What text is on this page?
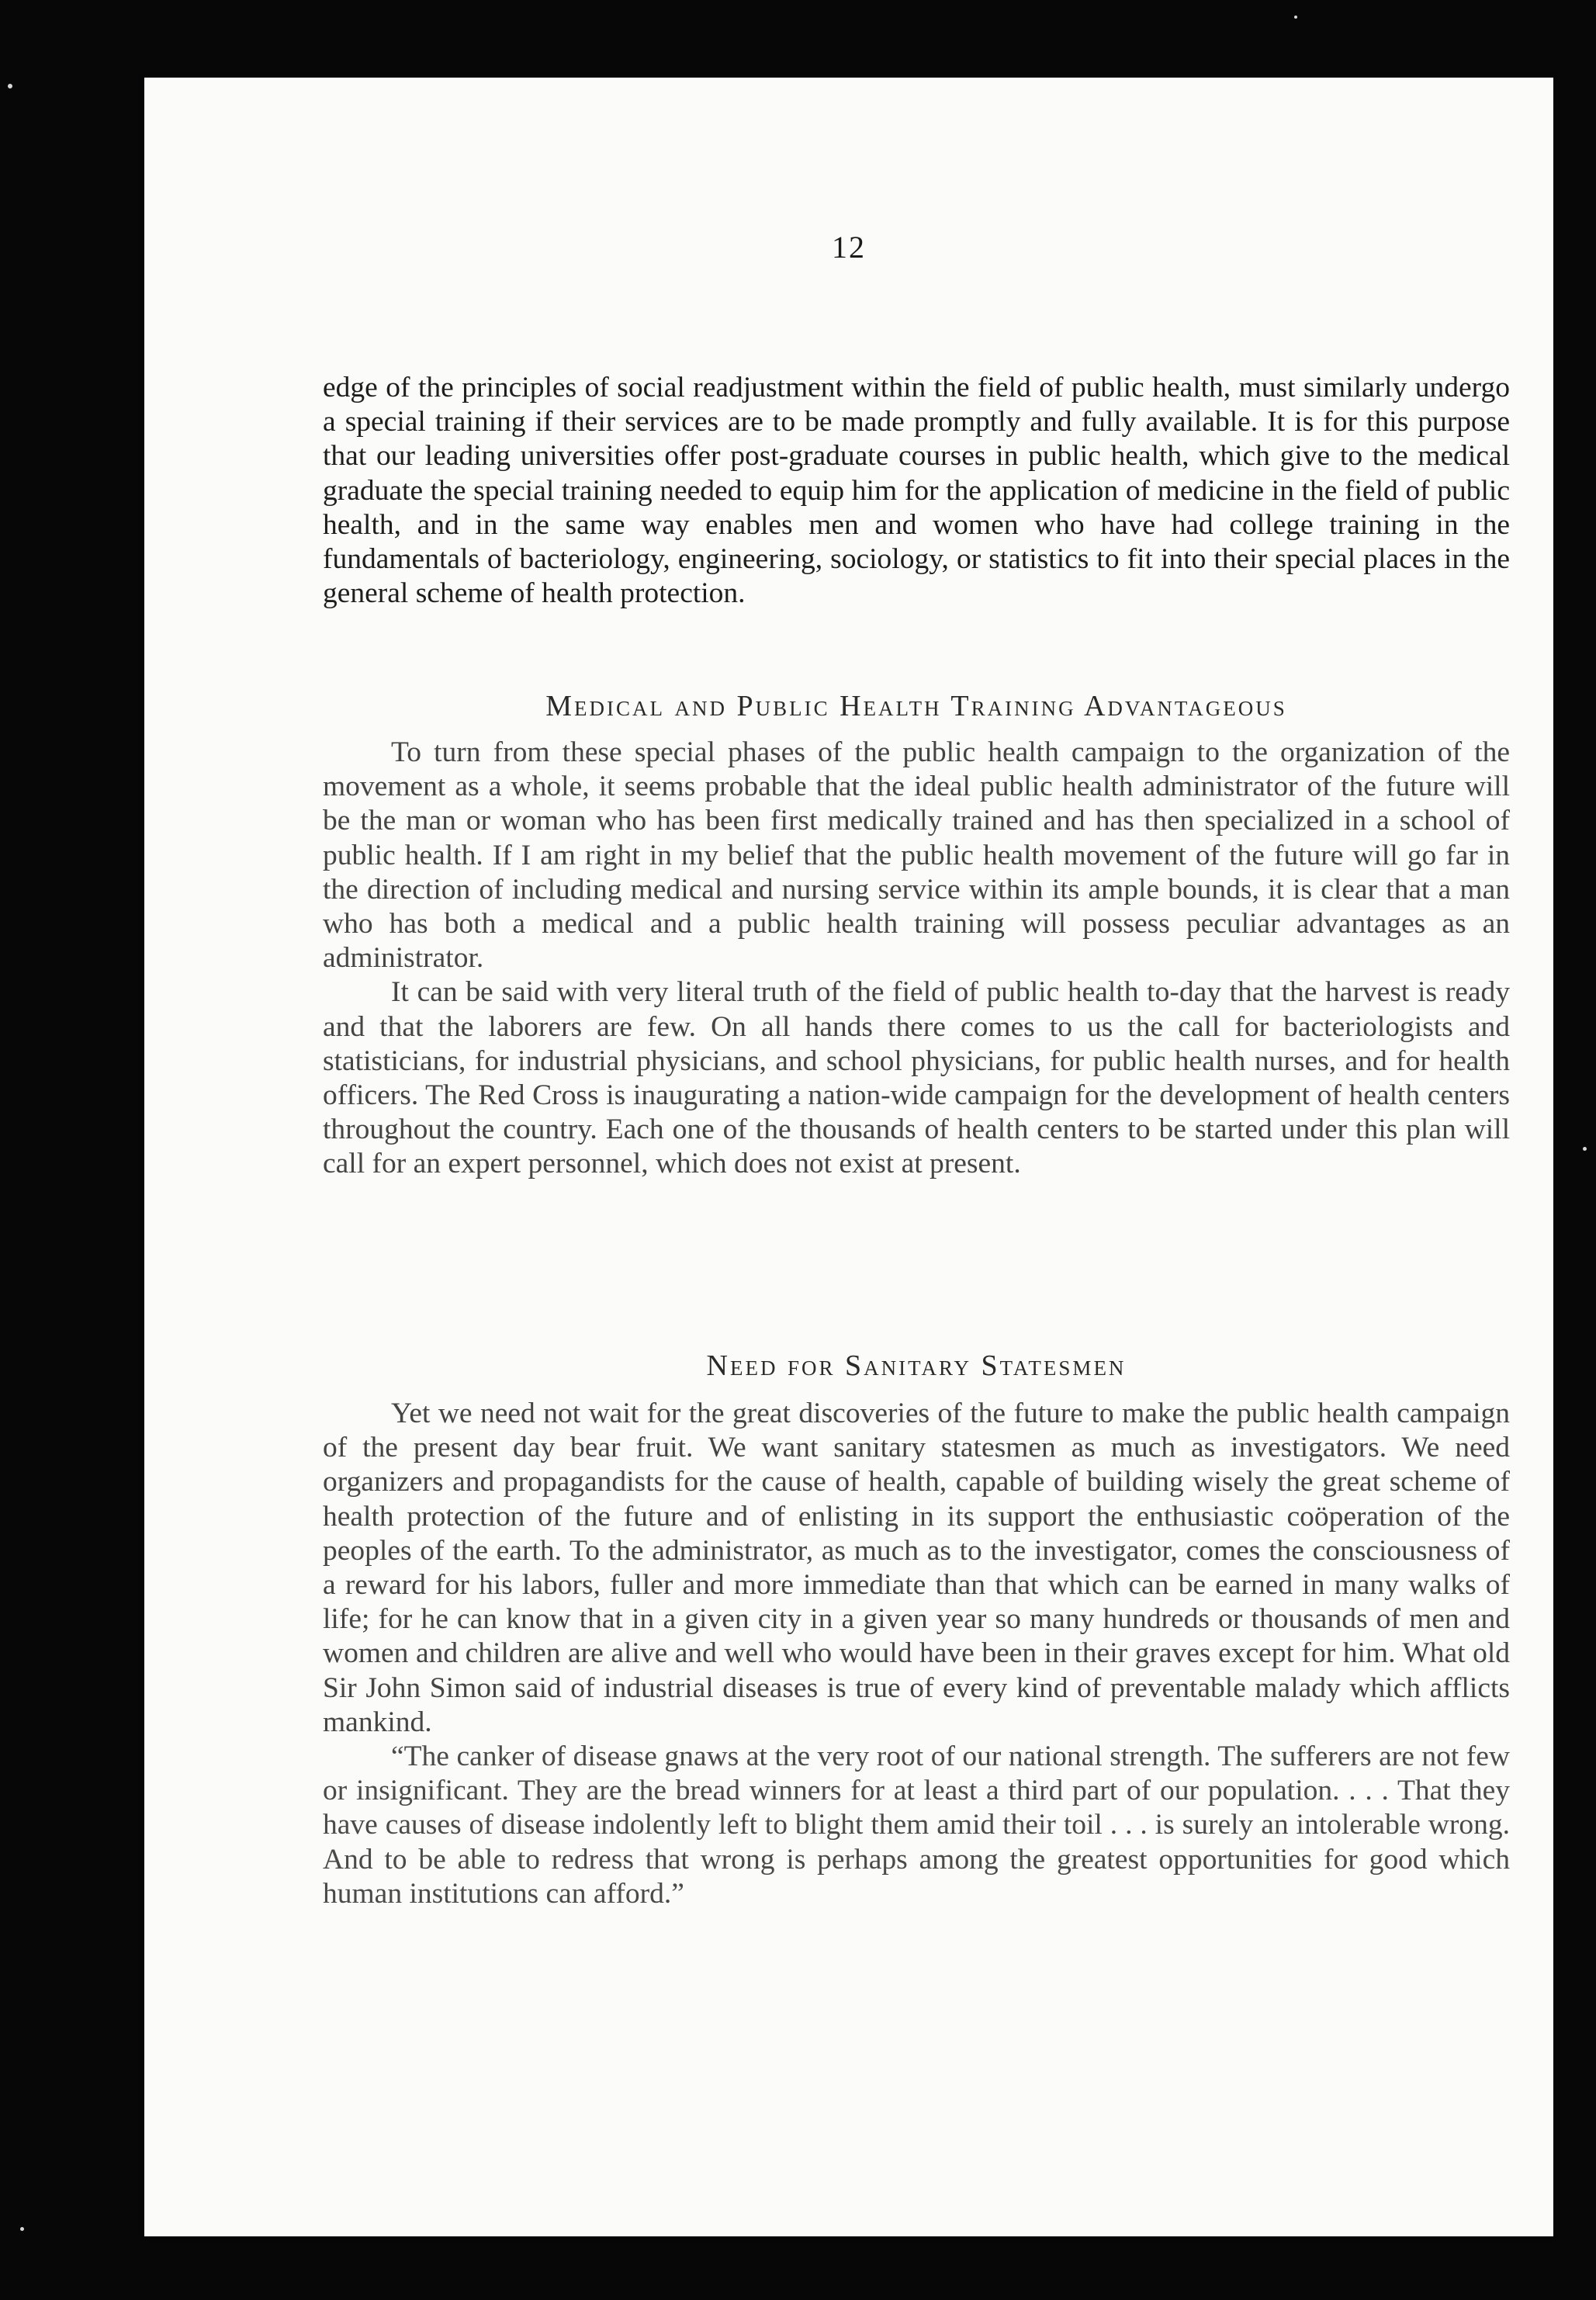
12

edge of the principles of social readjustment within the field of public health, must similarly undergo a special training if their services are to be made promptly and fully available. It is for this purpose that our leading universities offer post-graduate courses in public health, which give to the medical graduate the special training needed to equip him for the application of medicine in the field of public health, and in the same way enables men and women who have had college training in the fundamentals of bacteriology, engineering, sociology, or statistics to fit into their special places in the general scheme of health protection.

Medical and Public Health Training Advantageous

To turn from these special phases of the public health campaign to the organization of the movement as a whole, it seems probable that the ideal public health administrator of the future will be the man or woman who has been first medically trained and has then specialized in a school of public health. If I am right in my belief that the public health movement of the future will go far in the direction of including medical and nursing service within its ample bounds, it is clear that a man who has both a medical and a public health training will possess peculiar advantages as an administrator.

It can be said with very literal truth of the field of public health to-day that the harvest is ready and that the laborers are few. On all hands there comes to us the call for bacteriologists and statisticians, for industrial physicians, and school physicians, for public health nurses, and for health officers. The Red Cross is inaugurating a nation-wide campaign for the development of health centers throughout the country. Each one of the thousands of health centers to be started under this plan will call for an expert personnel, which does not exist at present.

Need for Sanitary Statesmen

Yet we need not wait for the great discoveries of the future to make the public health campaign of the present day bear fruit. We want sanitary statesmen as much as investigators. We need organizers and propagandists for the cause of health, capable of building wisely the great scheme of health protection of the future and of enlisting in its support the enthusiastic coöperation of the peoples of the earth. To the administrator, as much as to the investigator, comes the consciousness of a reward for his labors, fuller and more immediate than that which can be earned in many walks of life; for he can know that in a given city in a given year so many hundreds or thousands of men and women and children are alive and well who would have been in their graves except for him. What old Sir John Simon said of industrial diseases is true of every kind of preventable malady which afflicts mankind.

“The canker of disease gnaws at the very root of our national strength. The sufferers are not few or insignificant. They are the bread winners for at least a third part of our population. . . . That they have causes of disease indolently left to blight them amid their toil . . . is surely an intolerable wrong. And to be able to redress that wrong is perhaps among the greatest opportunities for good which human institutions can afford.”
